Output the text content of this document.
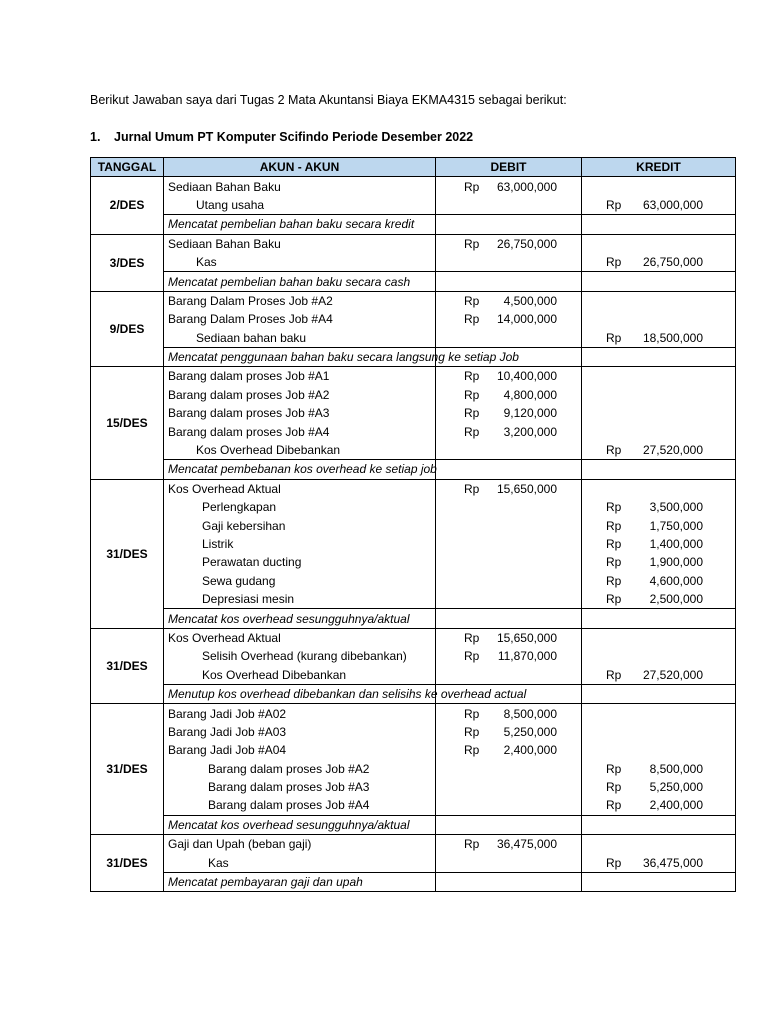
Berikut Jawaban saya dari Tugas 2 Mata Akuntansi Biaya EKMA4315 sebagai berikut:
1. Jurnal Umum PT Komputer Scifindo Periode Desember 2022
TANGGAL	AKUN - AKUN	DEBIT	KREDIT
2/DES	Sediaan Bahan Baku	Rp 63,000,000	

	Utang usaha		Rp 63,000,000

	Mencatat pembelian bahan baku secara kredit		
3/DES	Sediaan Bahan Baku	Rp 26,750,000	

	Kas		Rp 26,750,000

	Mencatat pembelian bahan baku secara cash		
9/DES	Barang Dalam Proses Job #A2	Rp 4,500,000	

	Barang Dalam Proses Job #A4	Rp 14,000,000	

	Sediaan bahan baku		Rp 18,500,000

	Mencatat penggunaan bahan baku secara langsung ke setiap Job		
15/DES	Barang dalam proses Job #A1	Rp 10,400,000	

	Barang dalam proses Job #A2	Rp 4,800,000	

	Barang dalam proses Job #A3	Rp 9,120,000	

	Barang dalam proses Job #A4	Rp 3,200,000	

	Kos Overhead Dibebankan		Rp 27,520,000

	Mencatat pembebanan kos overhead ke setiap job		
31/DES	Kos Overhead Aktual	Rp 15,650,000	

	Perlengkapan		Rp 3,500,000

	Gaji kebersihan		Rp 1,750,000

	Listrik		Rp 1,400,000

	Perawatan ducting		Rp 1,900,000

	Sewa gudang		Rp 4,600,000

	Depresiasi mesin		Rp 2,500,000

	Mencatat kos overhead sesungguhnya/aktual		
31/DES	Kos Overhead Aktual	Rp 15,650,000	

	Selisih Overhead (kurang dibebankan)	Rp 11,870,000	

	Kos Overhead Dibebankan		Rp 27,520,000

	Menutup kos overhead dibebankan dan selisihs ke overhead actual		
31/DES	Barang Jadi Job #A02	Rp 8,500,000	

	Barang Jadi Job #A03	Rp 5,250,000	

	Barang Jadi Job #A04	Rp 2,400,000	

	Barang dalam proses Job #A2		Rp 8,500,000

	Barang dalam proses Job #A3		Rp 5,250,000

	Barang dalam proses Job #A4		Rp 2,400,000

	Mencatat kos overhead sesungguhnya/aktual		
31/DES	Gaji dan Upah (beban gaji)	Rp 36,475,000	

	Kas		Rp 36,475,000

	Mencatat pembayaran gaji dan upah		
